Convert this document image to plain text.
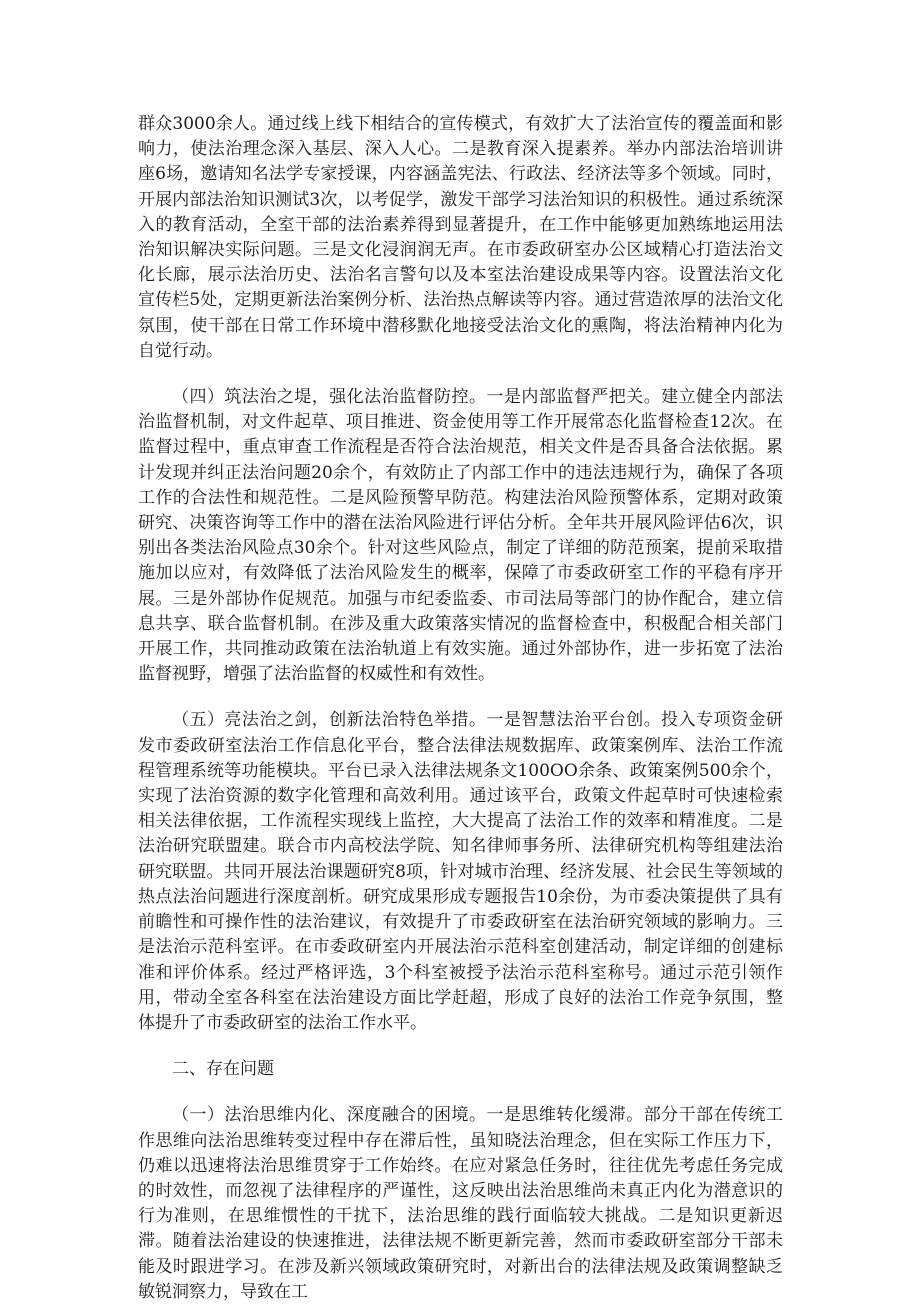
群众3000余人。通过线上线下相结合的宣传模式，有效扩大了法治宣传的覆盖面和影响力，使法治理念深入基层、深入人心。二是教育深入提素养。举办内部法治培训讲座6场，邀请知名法学专家授课，内容涵盖宪法、行政法、经济法等多个领域。同时，开展内部法治知识测试3次，以考促学，激发干部学习法治知识的积极性。通过系统深入的教育活动，全室干部的法治素养得到显著提升，在工作中能够更加熟练地运用法治知识解决实际问题。三是文化浸润润无声。在市委政研室办公区域精心打造法治文化长廊，展示法治历史、法治名言警句以及本室法治建设成果等内容。设置法治文化宣传栏5处，定期更新法治案例分析、法治热点解读等内容。通过营造浓厚的法治文化氛围，使干部在日常工作环境中潜移默化地接受法治文化的熏陶，将法治精神内化为自觉行动。

（四）筑法治之堤，强化法治监督防控。一是内部监督严把关。建立健全内部法治监督机制，对文件起草、项目推进、资金使用等工作开展常态化监督检查12次。在监督过程中，重点审查工作流程是否符合法治规范，相关文件是否具备合法依据。累计发现并纠正法治问题20余个，有效防止了内部工作中的违法违规行为，确保了各项工作的合法性和规范性。二是风险预警早防范。构建法治风险预警体系，定期对政策研究、决策咨询等工作中的潜在法治风险进行评估分析。全年共开展风险评估6次，识别出各类法治风险点30余个。针对这些风险点，制定了详细的防范预案，提前采取措施加以应对，有效降低了法治风险发生的概率，保障了市委政研室工作的平稳有序开展。三是外部协作促规范。加强与市纪委监委、市司法局等部门的协作配合，建立信息共享、联合监督机制。在涉及重大政策落实情况的监督检查中，积极配合相关部门开展工作，共同推动政策在法治轨道上有效实施。通过外部协作，进一步拓宽了法治监督视野，增强了法治监督的权威性和有效性。

（五）亮法治之剑，创新法治特色举措。一是智慧法治平台创。投入专项资金研发市委政研室法治工作信息化平台，整合法律法规数据库、政策案例库、法治工作流程管理系统等功能模块。平台已录入法律法规条文100OO余条、政策案例500余个，实现了法治资源的数字化管理和高效利用。通过该平台，政策文件起草时可快速检索相关法律依据，工作流程实现线上监控，大大提高了法治工作的效率和精准度。二是法治研究联盟建。联合市内高校法学院、知名律师事务所、法律研究机构等组建法治研究联盟。共同开展法治课题研究8项，针对城市治理、经济发展、社会民生等领域的热点法治问题进行深度剖析。研究成果形成专题报告10余份，为市委决策提供了具有前瞻性和可操作性的法治建议，有效提升了市委政研室在法治研究领域的影响力。三是法治示范科室评。在市委政研室内开展法治示范科室创建活动，制定详细的创建标准和评价体系。经过严格评选，3个科室被授予法治示范科室称号。通过示范引领作用，带动全室各科室在法治建设方面比学赶超，形成了良好的法治工作竞争氛围，整体提升了市委政研室的法治工作水平。

二、存在问题

（一）法治思维内化、深度融合的困境。一是思维转化缓滞。部分干部在传统工作思维向法治思维转变过程中存在滞后性，虽知晓法治理念，但在实际工作压力下，仍难以迅速将法治思维贯穿于工作始终。在应对紧急任务时，往往优先考虑任务完成的时效性，而忽视了法律程序的严谨性，这反映出法治思维尚未真正内化为潜意识的行为准则，在思维惯性的干扰下，法治思维的践行面临较大挑战。二是知识更新迟滞。随着法治建设的快速推进，法律法规不断更新完善，然而市委政研室部分干部未能及时跟进学习。在涉及新兴领域政策研究时，对新出台的法律法规及政策调整缺乏敏锐洞察力，导致在工
